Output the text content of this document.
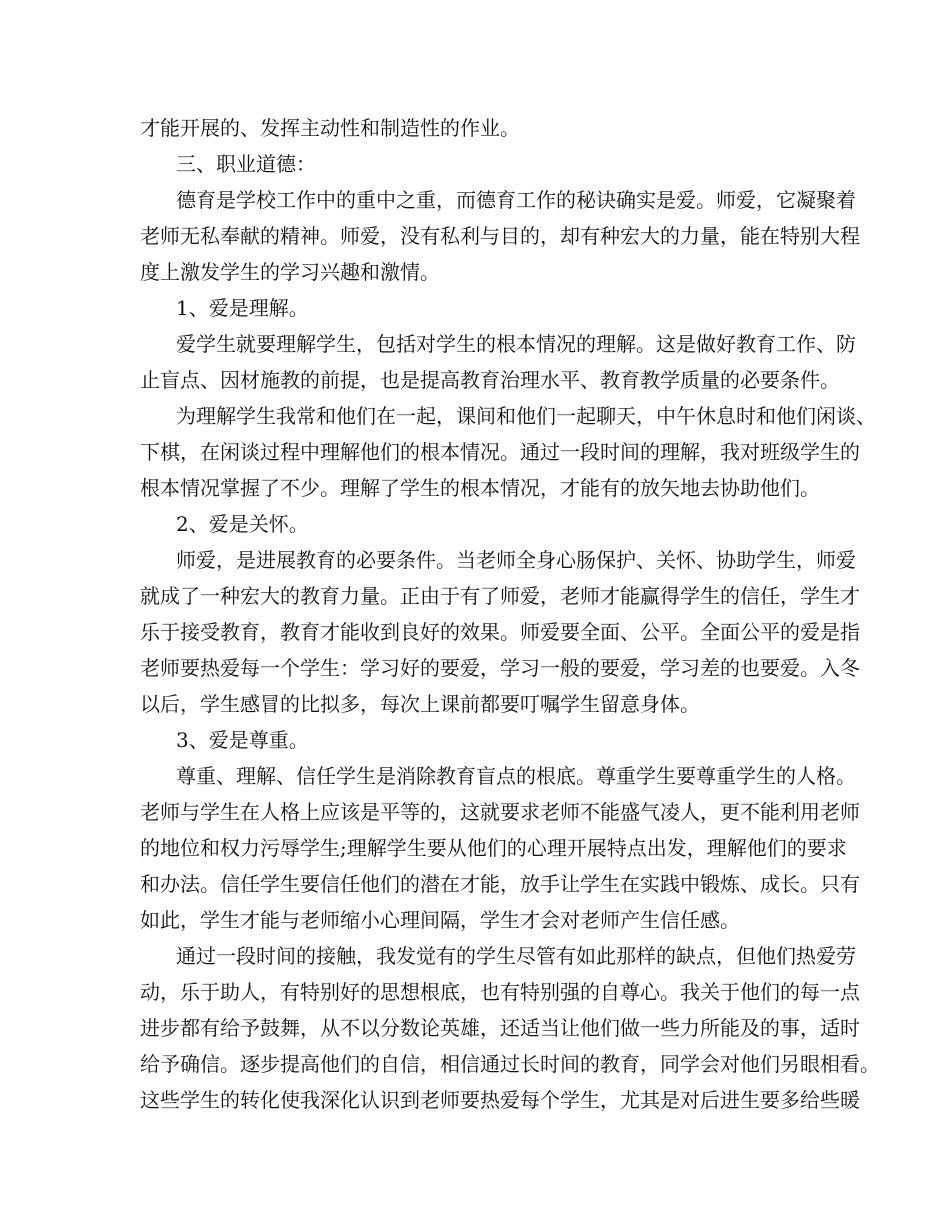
才能开展的、发挥主动性和制造性的作业。
三、职业道德：
德育是学校工作中的重中之重，而德育工作的秘诀确实是爱。师爱，它凝聚着
老师无私奉献的精神。师爱，没有私利与目的，却有种宏大的力量，能在特别大程
度上激发学生的学习兴趣和激情。
1、爱是理解。
爱学生就要理解学生，包括对学生的根本情况的理解。这是做好教育工作、防
止盲点、因材施教的前提，也是提高教育治理水平、教育教学质量的必要条件。
为理解学生我常和他们在一起，课间和他们一起聊天，中午休息时和他们闲谈、
下棋，在闲谈过程中理解他们的根本情况。通过一段时间的理解，我对班级学生的
根本情况掌握了不少。理解了学生的根本情况，才能有的放矢地去协助他们。
2、爱是关怀。
师爱，是进展教育的必要条件。当老师全身心肠保护、关怀、协助学生，师爱
就成了一种宏大的教育力量。正由于有了师爱，老师才能赢得学生的信任，学生才
乐于接受教育，教育才能收到良好的效果。师爱要全面、公平。全面公平的爱是指
老师要热爱每一个学生：学习好的要爱，学习一般的要爱，学习差的也要爱。入冬
以后，学生感冒的比拟多，每次上课前都要叮嘱学生留意身体。
3、爱是尊重。
尊重、理解、信任学生是消除教育盲点的根底。尊重学生要尊重学生的人格。
老师与学生在人格上应该是平等的，这就要求老师不能盛气凌人，更不能利用老师
的地位和权力污辱学生;理解学生要从他们的心理开展特点出发，理解他们的要求
和办法。信任学生要信任他们的潜在才能，放手让学生在实践中锻炼、成长。只有
如此，学生才能与老师缩小心理间隔，学生才会对老师产生信任感。
通过一段时间的接触，我发觉有的学生尽管有如此那样的缺点，但他们热爱劳
动，乐于助人，有特别好的思想根底，也有特别强的自尊心。我关于他们的每一点
进步都有给予鼓舞，从不以分数论英雄，还适当让他们做一些力所能及的事，适时
给予确信。逐步提高他们的自信，相信通过长时间的教育，同学会对他们另眼相看。
这些学生的转化使我深化认识到老师要热爱每个学生，尤其是对后进生要多给些暖
